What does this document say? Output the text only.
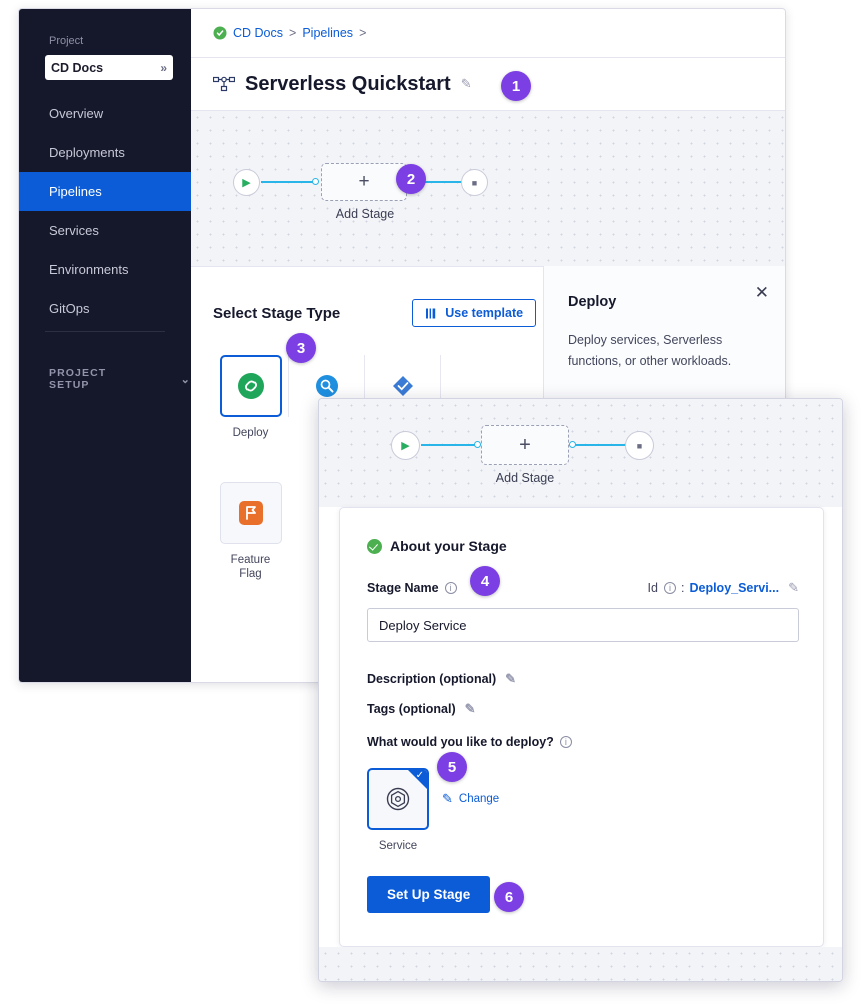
Project
CD Docs	»
Overview
Deployments
Pipelines
Services
Environments
GitOps
PROJECT SETUP	⌄
CD Docs > Pipelines >
Serverless Quickstart ✎
▶	■
+
Add Stage
Select Stage Type	Use template
Deploy
Feature
Flag
✕
Deploy

Deploy services, Serverless functions, or other workloads.

▶	■
+
Add Stage
About your Stage
Stage Name	i	Id	i : Deploy_Servi... ✎
Deploy Service
Description (optional) ✎
Tags (optional) ✎
What would you like to deploy?	i
✓
Service
✎ Change
Set Up Stage
1
2
3
4
5
6
